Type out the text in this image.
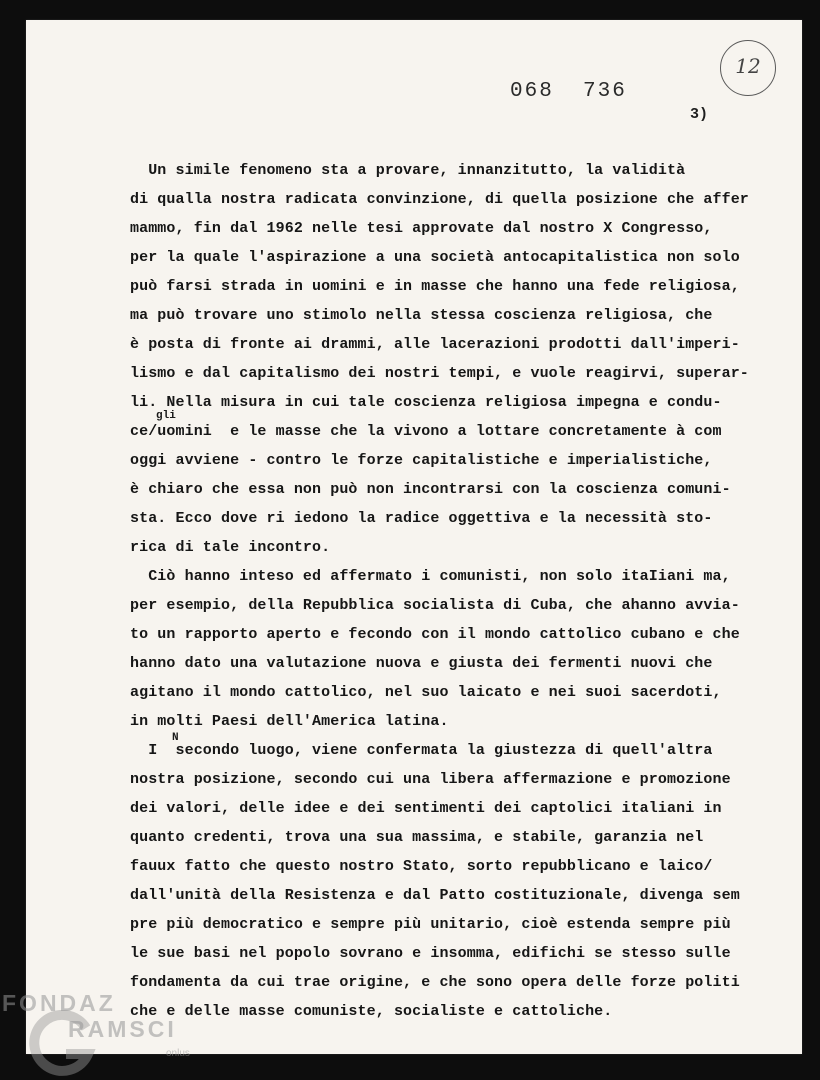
068  736
3)
12
Un simile fenomeno sta a provare, innanzitutto, la validità
di qualla nostra radicata convinzione, di quella posizione che affer
mammo, fin dal 1962 nelle tesi approvate dal nostro X Congresso,
per la quale l'aspirazione a una società antocapitalistica non solo
può farsi strada in uomini e in masse che hanno una fede religiosa,
ma può trovare uno stimolo nella stessa coscienza religiosa, che
è posta di fronte ai drammi, alle lacerazioni prodotti dall'imperi-
lismo e dal capitalismo dei nostri tempi, e vuole reagirvi, superar-
li. Nella misura in cui tale coscienza religiosa impegna e condu-
gli
ce/uomini  e le masse che la vivono a lottare concretamente à com
oggi avviene - contro le forze capitalistiche e imperialistiche,
è chiaro che essa non può non incontrarsi con la coscienza comuni-
sta. Ecco dove ri iedono la radice oggettiva e la necessità sto-
rica di tale incontro.
Ciò hanno inteso ed affermato i comunisti, non solo itaIiani ma,
per esempio, della Repubblica socialista di Cuba, che ahanno avvia-
to un rapporto aperto e fecondo con il mondo cattolico cubano e che
hanno dato una valutazione nuova e giusta dei fermenti nuovi che
agitano il mondo cattolico, nel suo laicato e nei suoi sacerdoti,
in molti Paesi dell'America latina.
N
I  secondo luogo, viene confermata la giustezza di quell'altra
nostra posizione, secondo cui una libera affermazione e promozione
dei valori, delle idee e dei sentimenti dei captolici italiani in
quanto credenti, trova una sua massima, e stabile, garanzia nel
fauux fatto che questo nostro Stato, sorto repubblicano e laico/
dall'unità della Resistenza e dal Patto costituzionale, divenga sem
pre più democratico e sempre più unitario, cioè estenda sempre più
le sue basi nel popolo sovrano e insomma, edifichi se stesso sulle
fondamenta da cui trae origine, e che sono opera delle forze politi
che e delle masse comuniste, socialiste e cattoliche.
FONDAZ
RAMSCI
onlus
